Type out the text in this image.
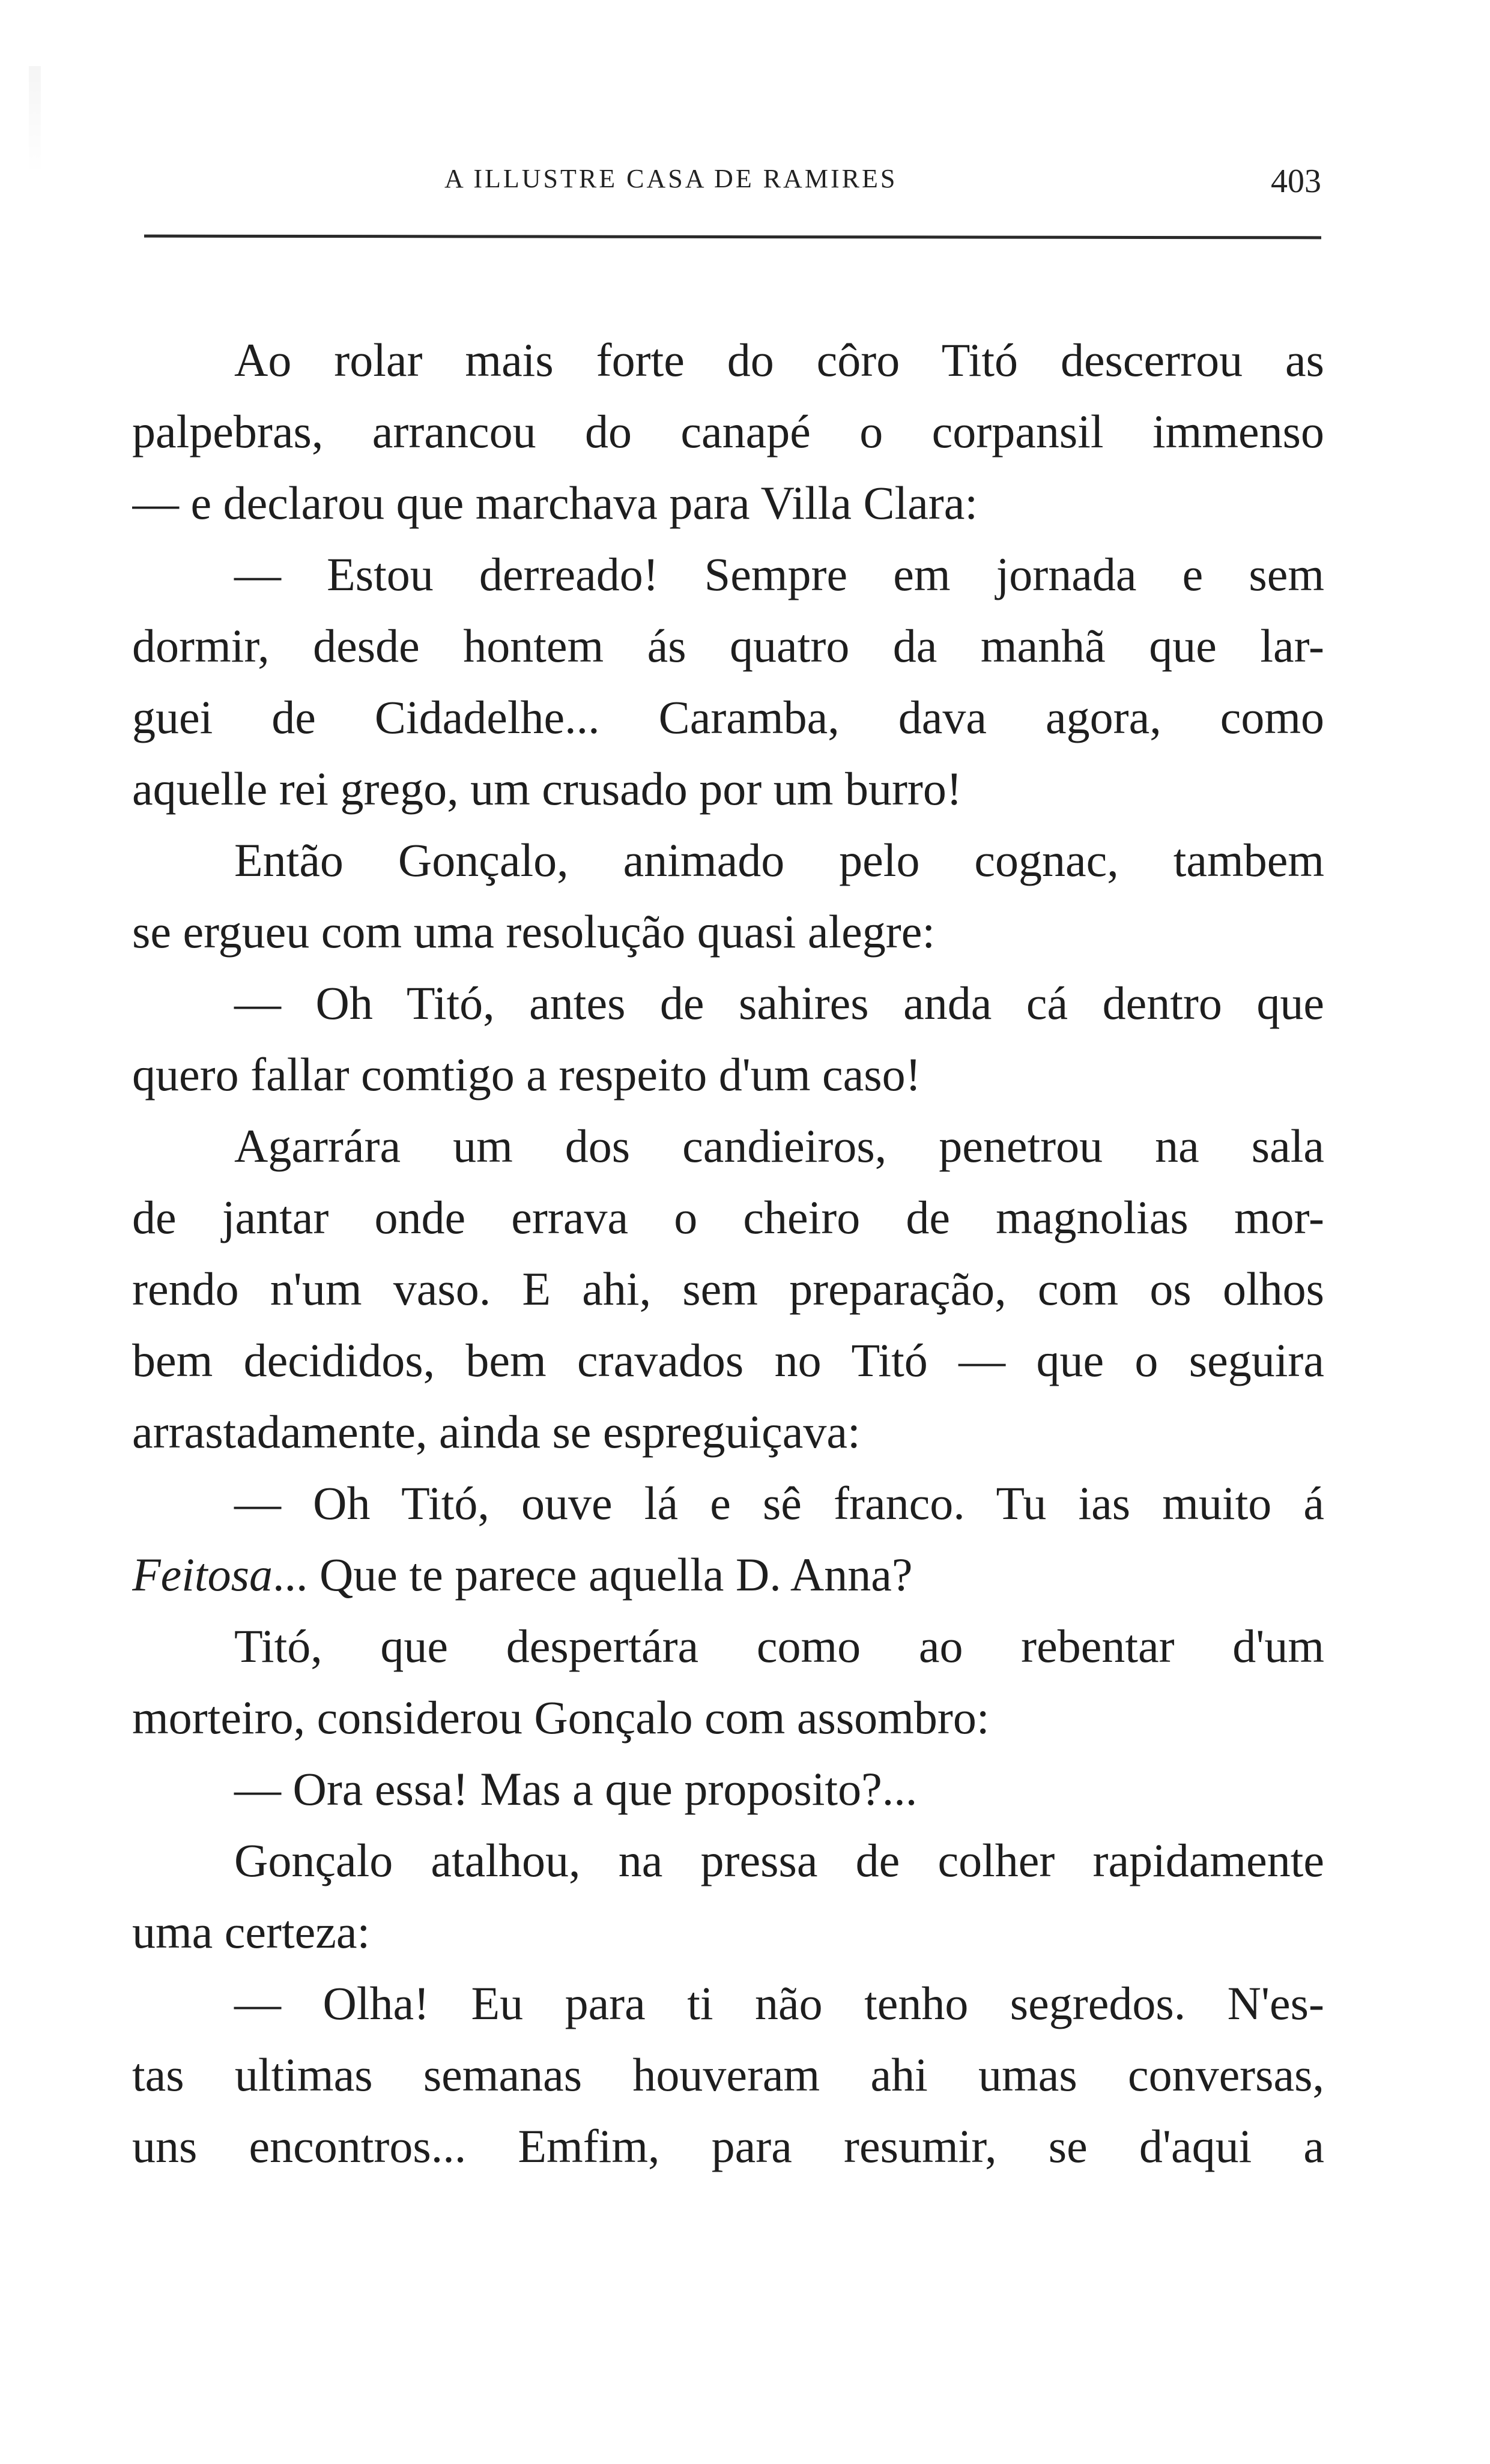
A ILLUSTRE CASA DE RAMIRES	403
Ao rolar mais forte do côro Titó descerrou as
palpebras, arrancou do canapé o corpansil immenso
— e declarou que marchava para Villa Clara:
— Estou derreado! Sempre em jornada e sem
dormir, desde hontem ás quatro da manhã que lar-
guei de Cidadelhe... Caramba, dava agora, como
aquelle rei grego, um crusado por um burro!
Então Gonçalo, animado pelo cognac, tambem
se ergueu com uma resolução quasi alegre:
— Oh Titó, antes de sahires anda cá dentro que
quero fallar comtigo a respeito d'um caso!
Agarrára um dos candieiros, penetrou na sala
de jantar onde errava o cheiro de magnolias mor-
rendo n'um vaso. E ahi, sem preparação, com os olhos
bem decididos, bem cravados no Titó — que o seguira
arrastadamente, ainda se espreguiçava:
— Oh Titó, ouve lá e sê franco. Tu ias muito á
Feitosa... Que te parece aquella D. Anna?
Titó, que despertára como ao rebentar d'um
morteiro, considerou Gonçalo com assombro:
— Ora essa! Mas a que proposito?...
Gonçalo atalhou, na pressa de colher rapidamente
uma certeza:
— Olha! Eu para ti não tenho segredos. N'es-
tas ultimas semanas houveram ahi umas conversas,
uns encontros... Emfim, para resumir, se d'aqui a
